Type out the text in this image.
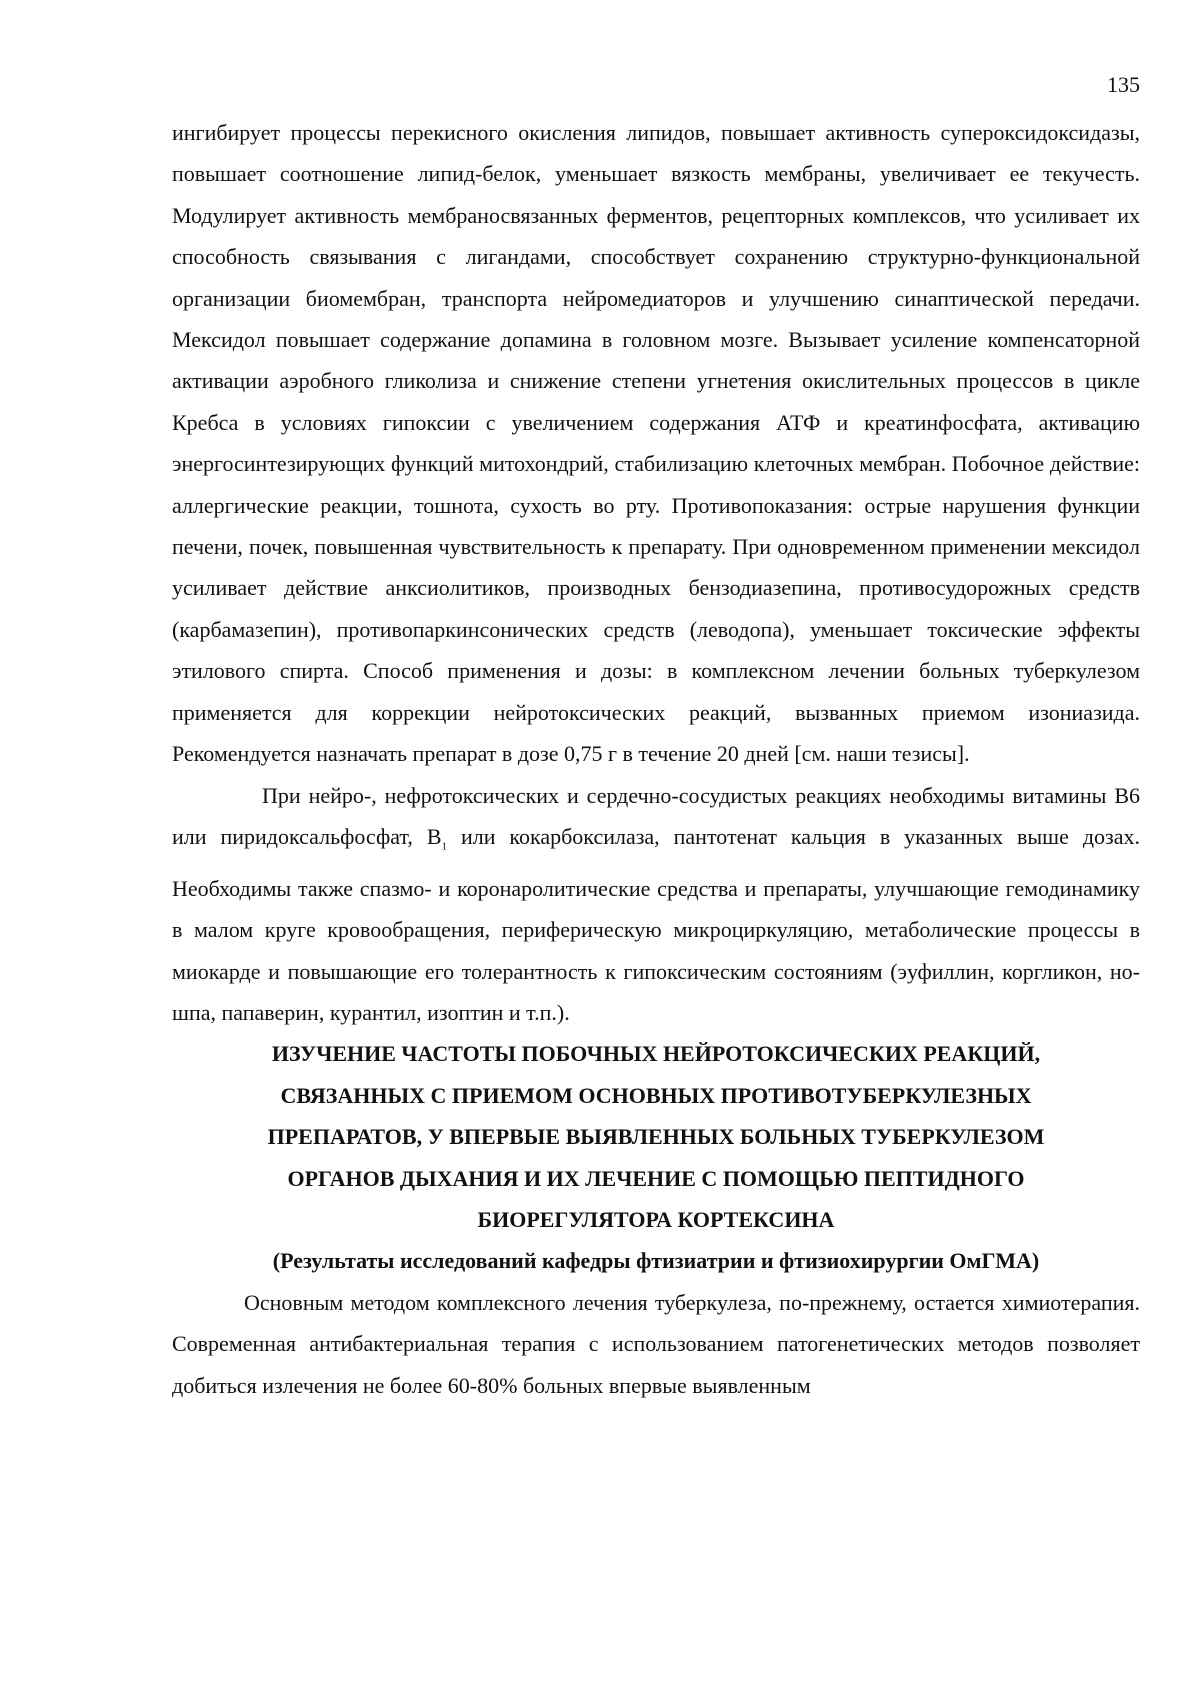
135

ингибирует процессы перекисного окисления липидов, повышает активность супероксидоксидазы, повышает соотношение липид-белок, уменьшает вязкость мембраны, увеличивает ее текучесть. Модулирует активность мембраносвязанных ферментов, рецепторных комплексов, что усиливает их способность связывания с лигандами, способствует сохранению структурно-функциональной организации биомембран, транспорта нейромедиаторов и улучшению синаптической передачи. Мексидол повышает содержание допамина в головном мозге. Вызывает усиление компенсаторной активации аэробного гликолиза и снижение степени угнетения окислительных процессов в цикле Кребса в условиях гипоксии с увеличением содержания АТФ и креатинфосфата, активацию энергосинтезирующих функций митохондрий, стабилизацию клеточных мембран. Побочное действие: аллергические реакции, тошнота, сухость во рту. Противопоказания: острые нарушения функции печени, почек, повышенная чувствительность к препарату. При одновременном применении мексидол усиливает действие анксиолитиков, производных бензодиазепина, противосудорожных средств (карбамазепин), противопаркинсонических средств (леводопа), уменьшает токсические эффекты этилового спирта. Способ применения и дозы: в комплексном лечении больных туберкулезом применяется для коррекции нейротоксических реакций, вызванных приемом изониазида. Рекомендуется назначать препарат в дозе 0,75 г в течение 20 дней [см. наши тезисы].

При нейро-, нефротоксических и сердечно-сосудистых реакциях необходимы витамины В6 или пиридоксальфосфат, $В_1$ или кокарбоксилаза, пантотенат кальция в указанных выше дозах. Необходимы также спазмо- и коронаролитические средства и препараты, улучшающие гемодинамику в малом круге кровообращения, периферическую микроциркуляцию, метаболические процессы в миокарде и повышающие его толерантность к гипоксическим состояниям (эуфиллин, коргликон, но-шпа, папаверин, курантил, изоптин и т.п.).

ИЗУЧЕНИЕ ЧАСТОТЫ ПОБОЧНЫХ НЕЙРОТОКСИЧЕСКИХ РЕАКЦИЙ,

СВЯЗАННЫХ С ПРИЕМОМ ОСНОВНЫХ ПРОТИВОТУБЕРКУЛЕЗНЫХ

ПРЕПАРАТОВ, У ВПЕРВЫЕ ВЫЯВЛЕННЫХ БОЛЬНЫХ ТУБЕРКУЛЕЗОМ

ОРГАНОВ ДЫХАНИЯ И ИХ ЛЕЧЕНИЕ С ПОМОЩЬЮ ПЕПТИДНОГО

БИОРЕГУЛЯТОРА КОРТЕКСИНА

(Результаты исследований кафедры фтизиатрии и фтизиохирургии ОмГМА)

Основным методом комплексного лечения туберкулеза, по-прежнему, остается химиотерапия. Современная антибактериальная терапия с использованием патогенетических методов позволяет добиться излечения не более 60-80% больных впервые выявленным
